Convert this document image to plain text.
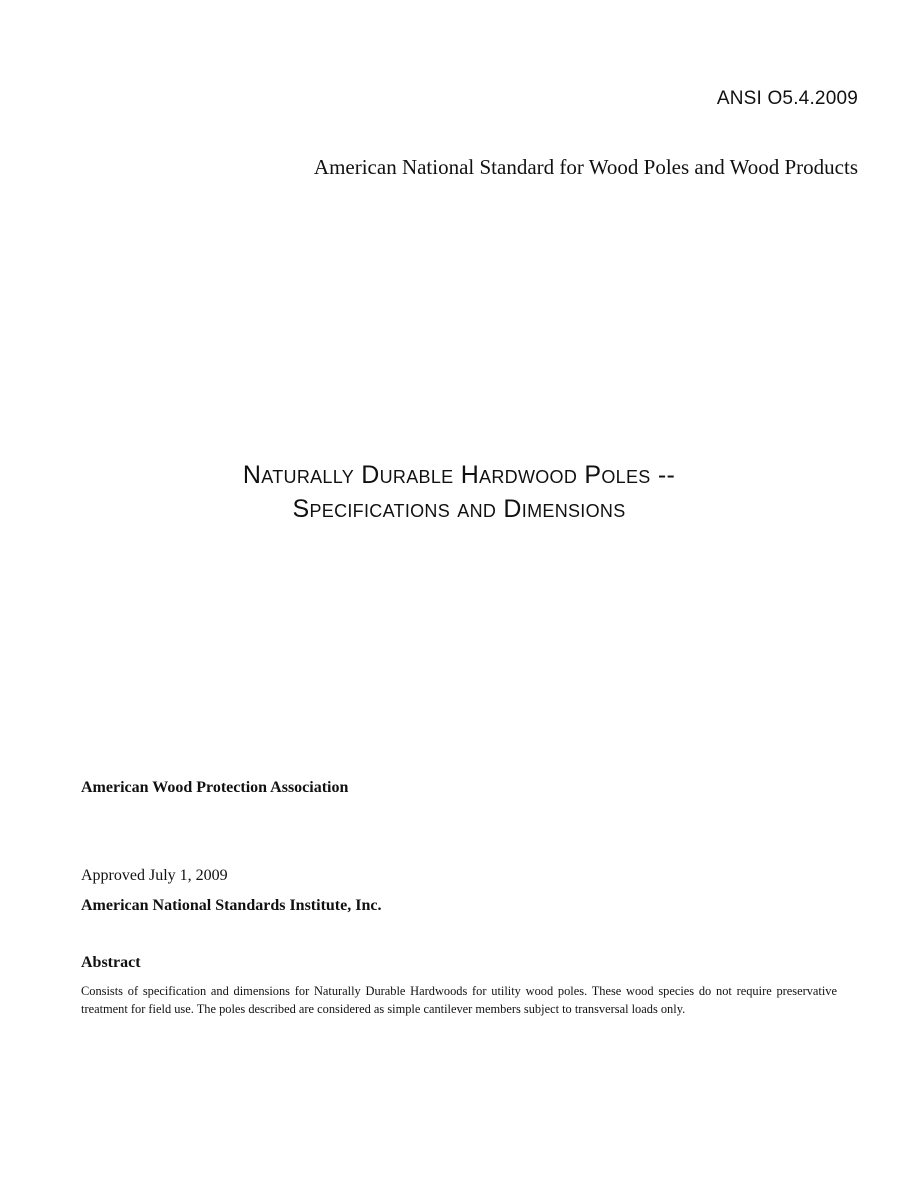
ANSI O5.4.2009
American National Standard for Wood Poles and Wood Products
Naturally Durable Hardwood Poles --
Specifications and Dimensions
American Wood Protection Association
Approved July 1, 2009
American National Standards Institute, Inc.
Abstract

Consists of specification and dimensions for Naturally Durable Hardwoods for utility wood poles. These wood species do not require preservative treatment for field use. The poles described are considered as simple cantilever members subject to transversal loads only.
